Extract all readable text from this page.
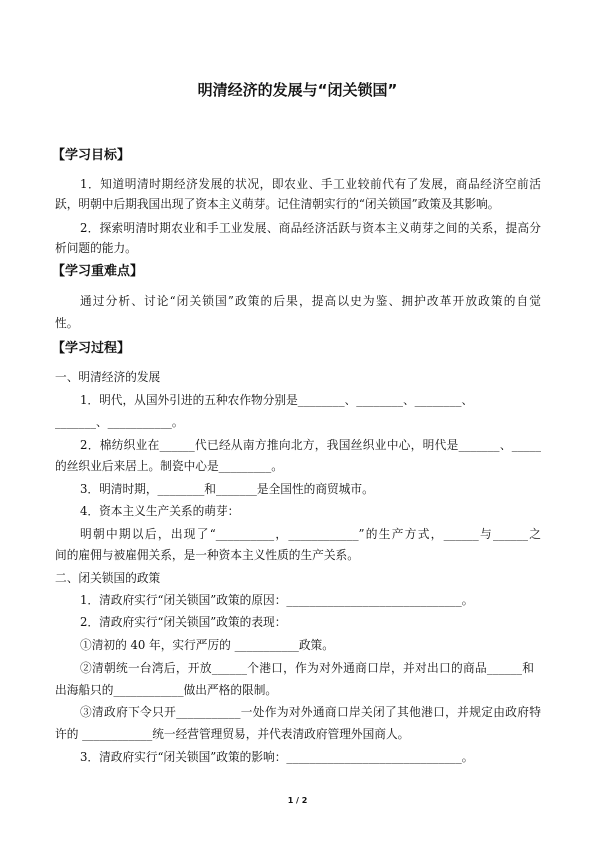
明清经济的发展与“闭关锁国”
【学习目标】
1．知道明清时期经济发展的状况，即农业、手工业较前代有了发展，商品经济空前活
跃，明朝中后期我国出现了资本主义萌芽。记住清朝实行的“闭关锁国”政策及其影响。
2．探索明清时期农业和手工业发展、商品经济活跃与资本主义萌芽之间的关系，提高分
析问题的能力。
【学习重难点】
通过分析、讨论“闭关锁国”政策的后果，提高以史为鉴、拥护改革开放政策的自觉
性。
【学习过程】
一、明清经济的发展
1．明代，从国外引进的五种农作物分别是________、________、________、
_______、___________。
2．棉纺织业在______代已经从南方推向北方，我国丝织业中心，明代是_______、_____
的丝织业后来居上。制瓷中心是_________。
3．明清时期，________和_______是全国性的商贸城市。
4．资本主义生产关系的萌芽：
明朝中期以后，出现了“__________，____________”的生产方式，______与______之
间的雇佣与被雇佣关系，是一种资本主义性质的生产关系。
二、闭关锁国的政策
1．清政府实行“闭关锁国”政策的原因：______________________________。
2．清政府实行“闭关锁国”政策的表现：
①清初的 40 年，实行严厉的 ___________政策。
②清朝统一台湾后，开放______个港口，作为对外通商口岸，并对出口的商品______和
出海船只的____________做出严格的限制。
③清政府下令只开___________一处作为对外通商口岸关闭了其他港口，并规定由政府特
许的 ____________统一经营管理贸易，并代表清政府管理外国商人。
3．清政府实行“闭关锁国”政策的影响：______________________________。
1 / 2
